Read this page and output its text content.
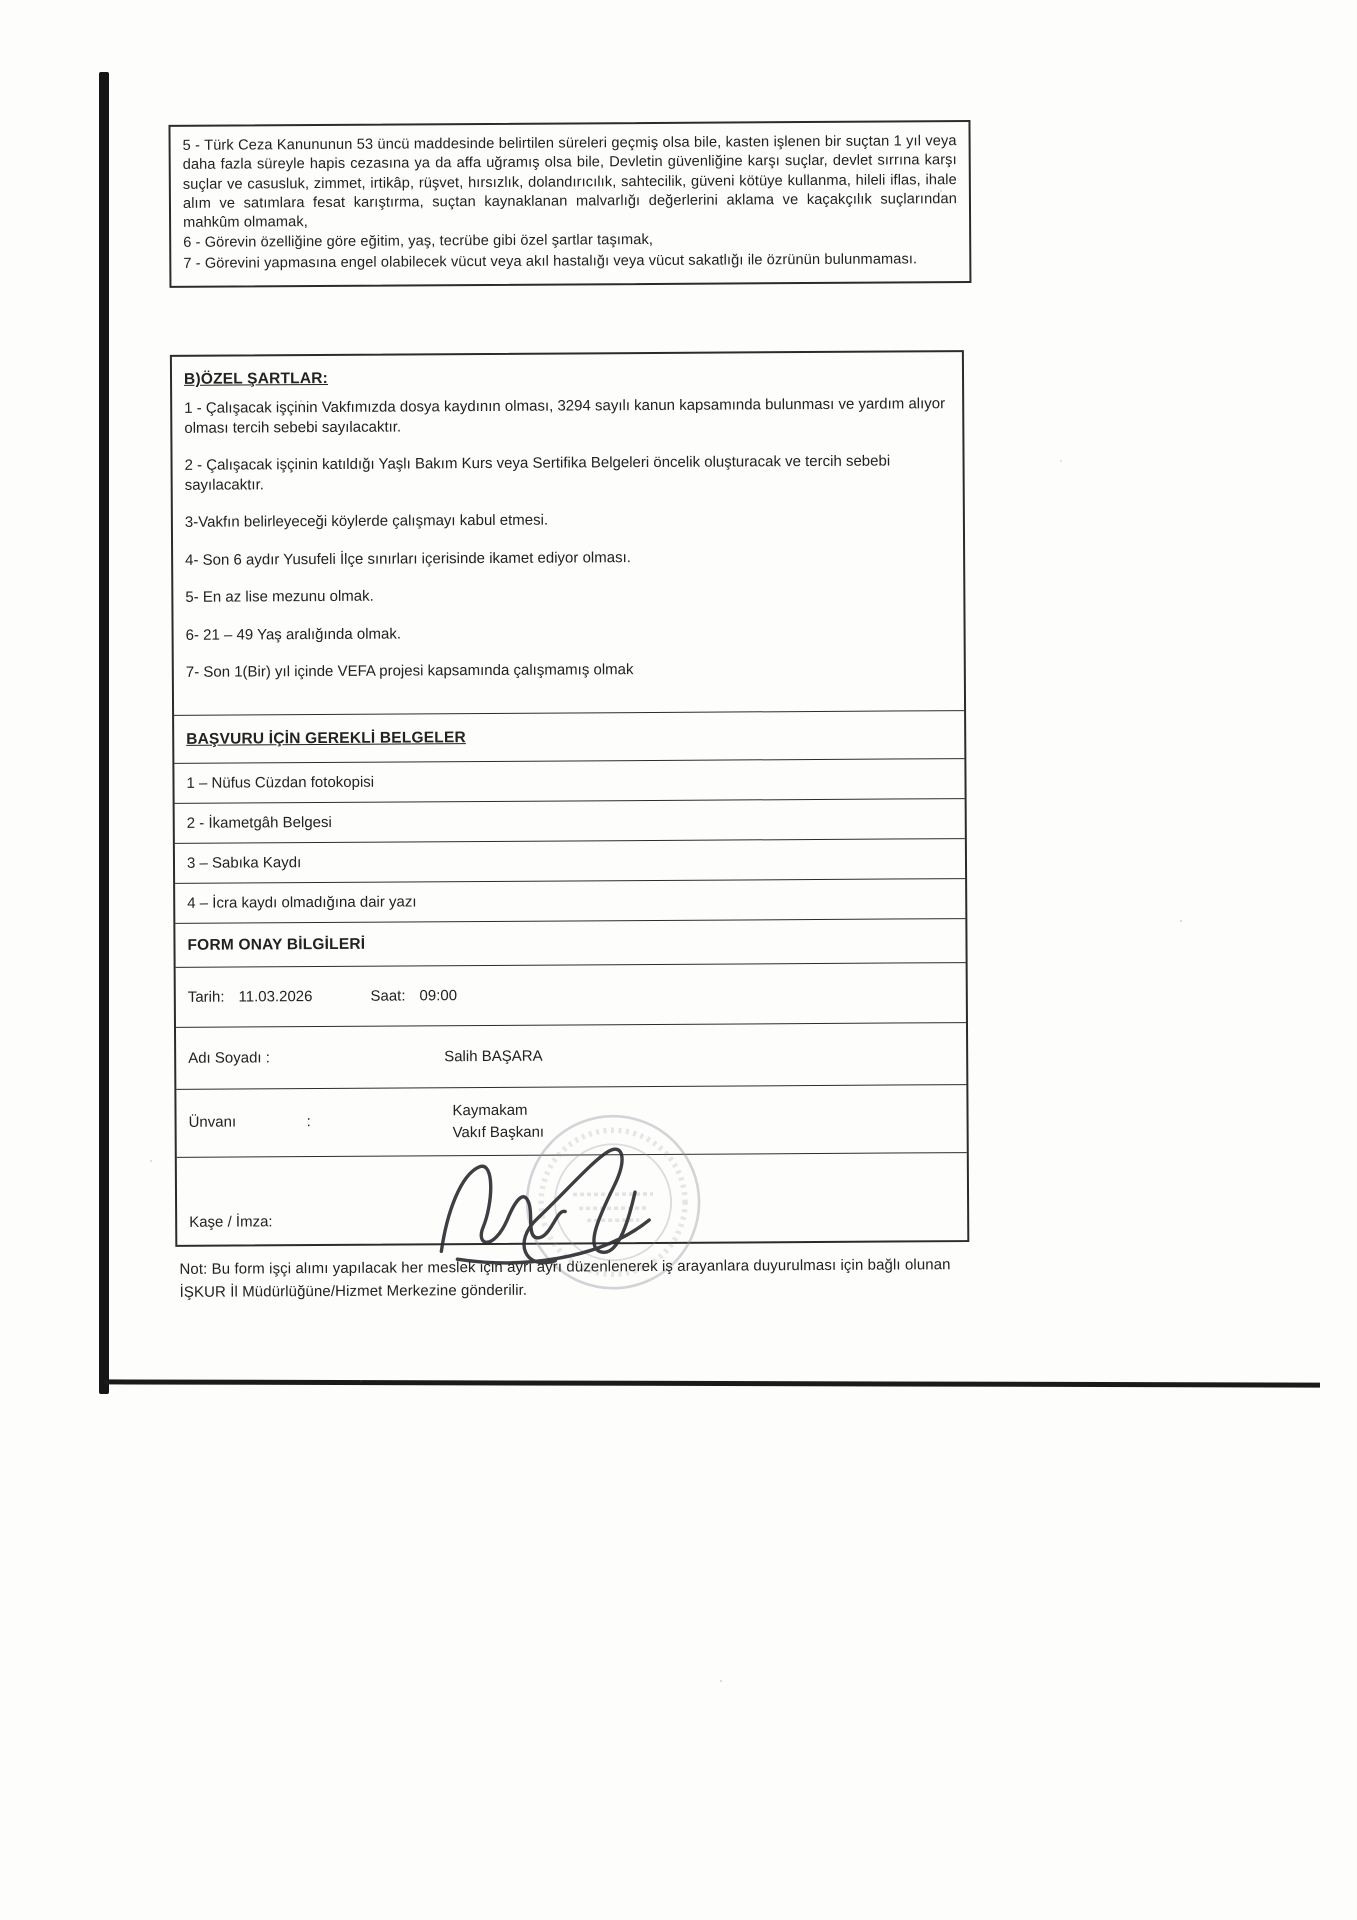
5 - Türk Ceza Kanununun 53 üncü maddesinde belirtilen süreleri geçmiş olsa bile, kasten işlenen bir suçtan 1 yıl veya daha fazla süreyle hapis cezasına ya da affa uğramış olsa bile, Devletin güvenliğine karşı suçlar, devlet sırrına karşı suçlar ve casusluk, zimmet, irtikâp, rüşvet, hırsızlık, dolandırıcılık, sahtecilik, güveni kötüye kullanma, hileli iflas, ihale alım ve satımlara fesat karıştırma, suçtan kaynaklanan malvarlığı değerlerini aklama ve kaçakçılık suçlarından mahkûm olmamak,

6 - Görevin özelliğine göre eğitim, yaş, tecrübe gibi özel şartlar taşımak,

7 - Görevini yapmasına engel olabilecek vücut veya akıl hastalığı veya vücut sakatlığı ile özrünün bulunmaması.

B)ÖZEL ŞARTLAR:

1 - Çalışacak işçinin Vakfımızda dosya kaydının olması, 3294 sayılı kanun kapsamında bulunması ve yardım alıyor olması tercih sebebi sayılacaktır.

2 - Çalışacak işçinin katıldığı Yaşlı Bakım Kurs veya Sertifika Belgeleri öncelik oluşturacak ve tercih sebebi sayılacaktır.

3-Vakfın belirleyeceği köylerde çalışmayı kabul etmesi.

4- Son 6 aydır Yusufeli İlçe sınırları içerisinde ikamet ediyor olması.

5- En az lise mezunu olmak.

6- 21 – 49 Yaş aralığında olmak.

7- Son 1(Bir) yıl içinde VEFA projesi kapsamında çalışmamış olmak

BAŞVURU İÇİN GEREKLİ BELGELER
1 – Nüfus Cüzdan fotokopisi
2 - İkametgâh Belgesi
3 – Sabıka Kaydı
4 – İcra kaydı olmadığına dair yazı
FORM ONAY BİLGİLERİ
Tarih: 11.03.2026	Saat: 09:00
Adı Soyadı :	Salih BAŞARA
Ünvanı	:
Kaymakam
Vakıf Başkanı
Kaşe / İmza:
Not: Bu form işçi alımı yapılacak her meslek için ayrı ayrı düzenlenerek iş arayanlara duyurulması için bağlı olunan İŞKUR İl Müdürlüğüne/Hizmet Merkezine gönderilir.
